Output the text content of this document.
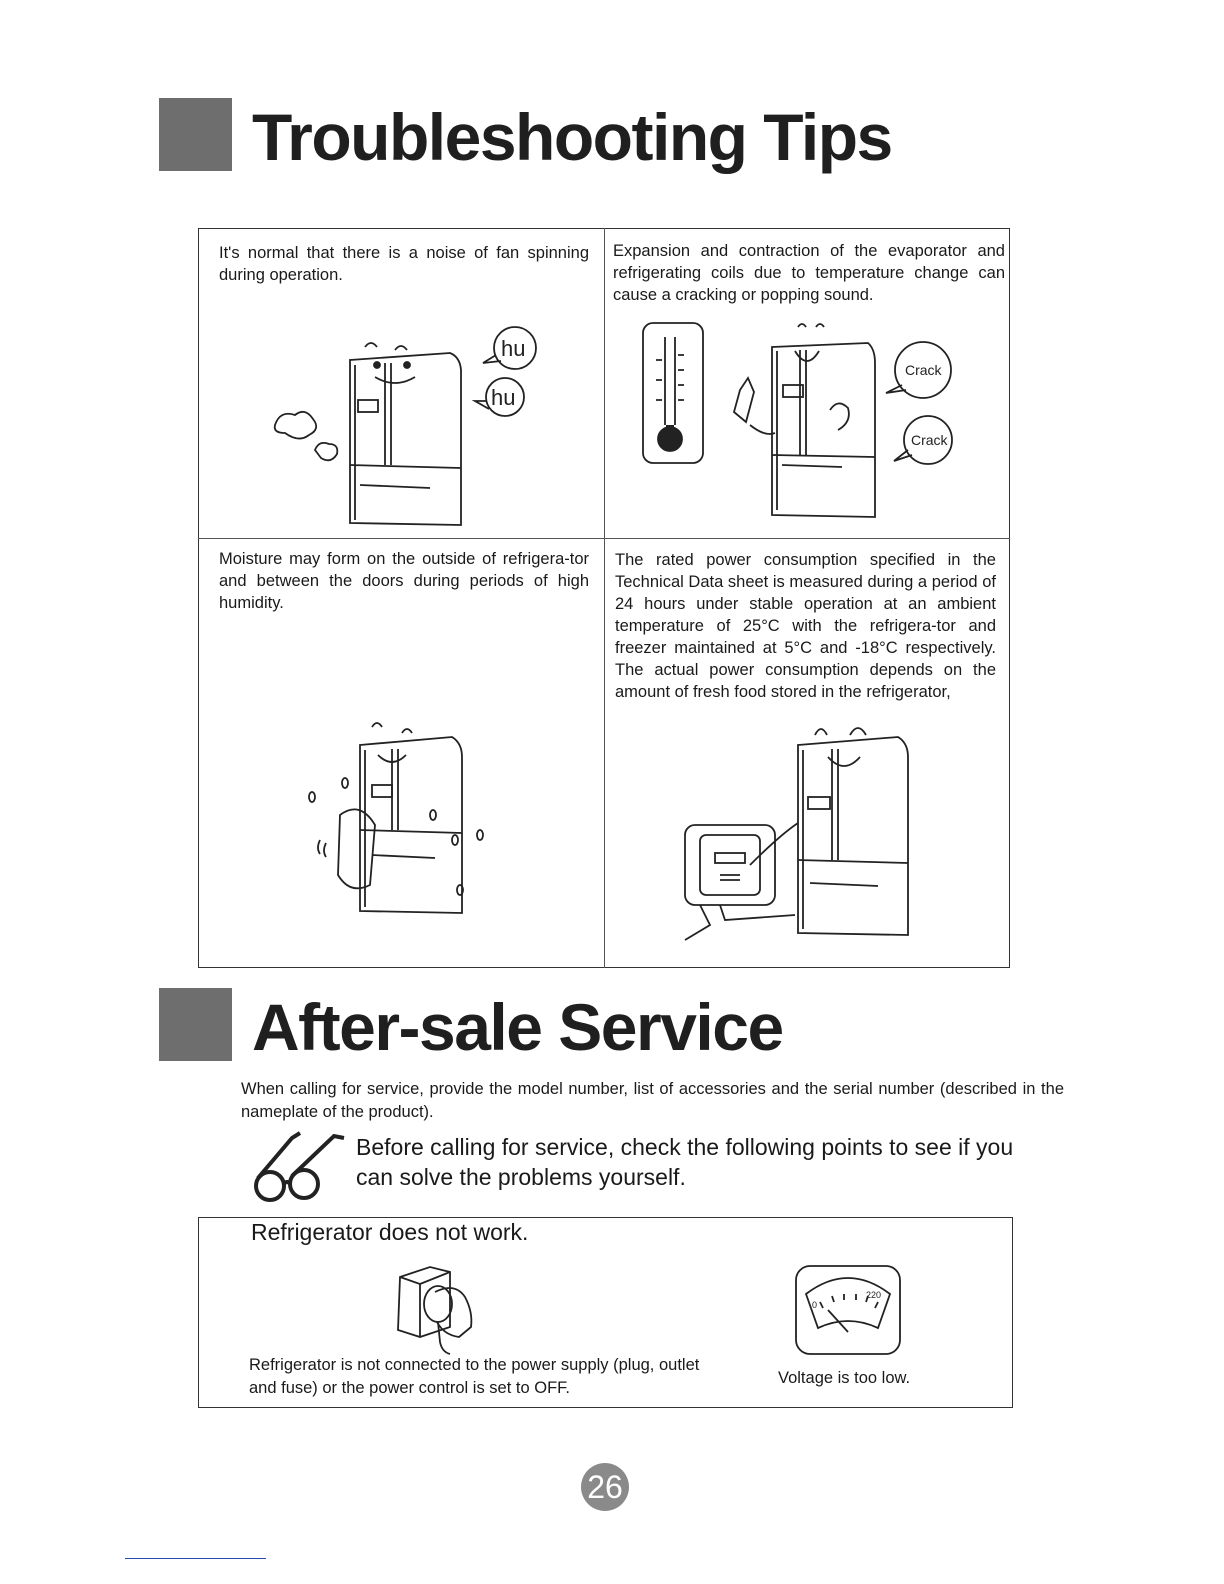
Troubleshooting Tips
It's normal that there is a noise of fan spinning during operation.
Expansion and contraction of the evaporator and refrigerating coils due to temperature change can cause a cracking or popping sound.
Moisture may form on the outside of refrigera-tor and between the doors during periods of high humidity.
The rated power consumption specified in the Technical Data sheet is measured during a period of 24 hours under stable operation at an ambient temperature of 25°C with the refrigera-tor and freezer maintained at 5°C and -18°C respectively. The actual power consumption depends on the amount of fresh food stored in the refrigerator,
hu
hu
Crack
Crack
After-sale Service
When calling for service, provide the model number, list of accessories and the serial number (described in the nameplate of the product).
Before calling for service, check the following points to see if you can solve the problems yourself.
Refrigerator does not work.
0
220
Refrigerator is not connected to the power supply (plug, outlet and fuse) or the power control is set to OFF.
Voltage is too low.
26
